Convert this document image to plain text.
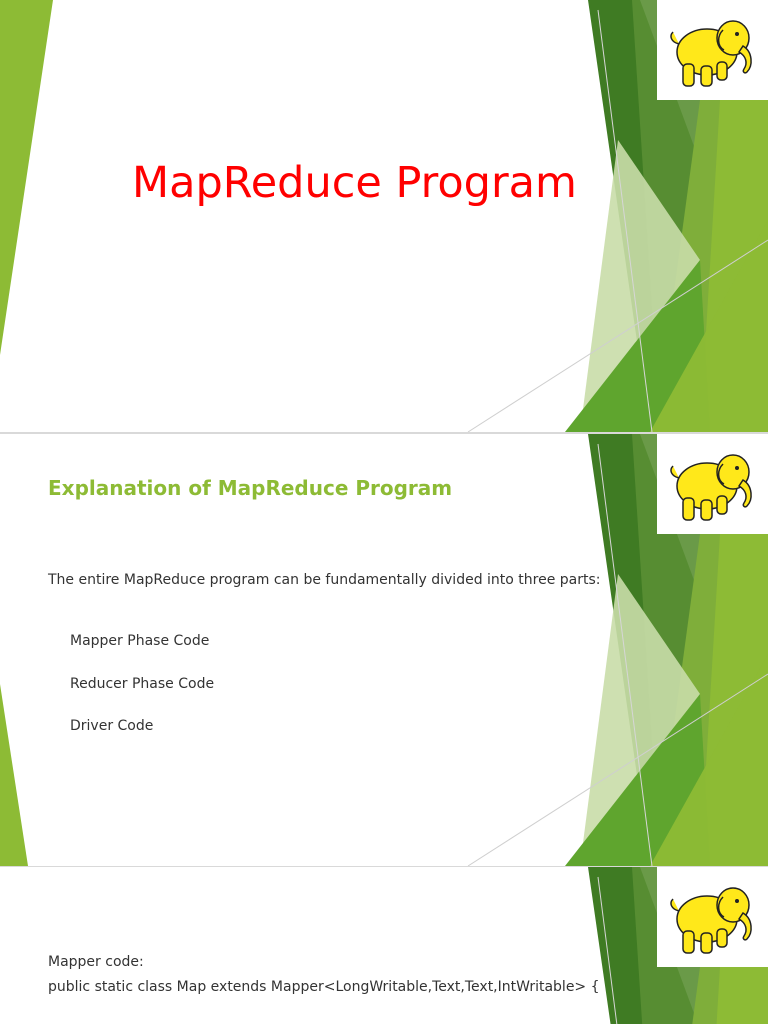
MapReduce Program
Explanation of MapReduce Program

The entire MapReduce program can be fundamentally divided into three parts:

Mapper Phase Code

Reducer Phase Code

Driver Code

Mapper code:

public static class Map extends Mapper<LongWritable,Text,Text,IntWritable> {
